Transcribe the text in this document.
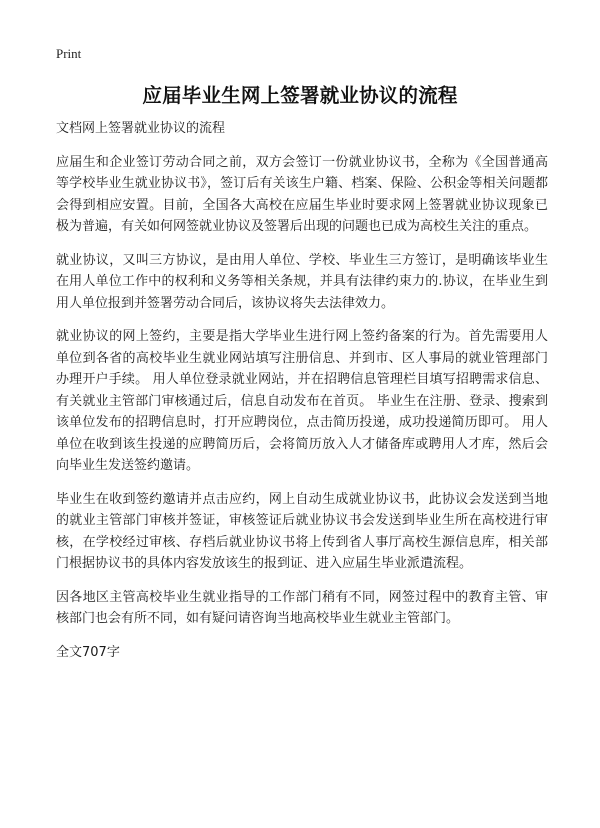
Print
应届毕业生网上签署就业协议的流程

文档网上签署就业协议的流程

应届生和企业签订劳动合同之前，双方会签订一份就业协议书，全称为《全国普通高等学校毕业生就业协议书》，签订后有关该生户籍、档案、保险、公积金等相关问题都会得到相应安置。目前，全国各大高校在应届生毕业时要求网上签署就业协议现象已极为普遍，有关如何网签就业协议及签署后出现的问题也已成为高校生关注的重点。

就业协议，又叫三方协议，是由用人单位、学校、毕业生三方签订，是明确该毕业生在用人单位工作中的权利和义务等相关条规，并具有法律约束力的.协议，在毕业生到用人单位报到并签署劳动合同后，该协议将失去法律效力。

就业协议的网上签约，主要是指大学毕业生进行网上签约备案的行为。首先需要用人单位到各省的高校毕业生就业网站填写注册信息、并到市、区人事局的就业管理部门办理开户手续。 用人单位登录就业网站，并在招聘信息管理栏目填写招聘需求信息、有关就业主管部门审核通过后，信息自动发布在首页。 毕业生在注册、登录、搜索到该单位发布的招聘信息时，打开应聘岗位，点击简历投递，成功投递简历即可。 用人单位在收到该生投递的应聘简历后，会将简历放入人才储备库或聘用人才库，然后会向毕业生发送签约邀请。

毕业生在收到签约邀请并点击应约，网上自动生成就业协议书，此协议会发送到当地的就业主管部门审核并签证，审核签证后就业协议书会发送到毕业生所在高校进行审核，在学校经过审核、存档后就业协议书将上传到省人事厅高校生源信息库，相关部门根据协议书的具体内容发放该生的报到证、进入应届生毕业派遣流程。

因各地区主管高校毕业生就业指导的工作部门稍有不同，网签过程中的教育主管、审核部门也会有所不同，如有疑问请咨询当地高校毕业生就业主管部门。

全文707字
